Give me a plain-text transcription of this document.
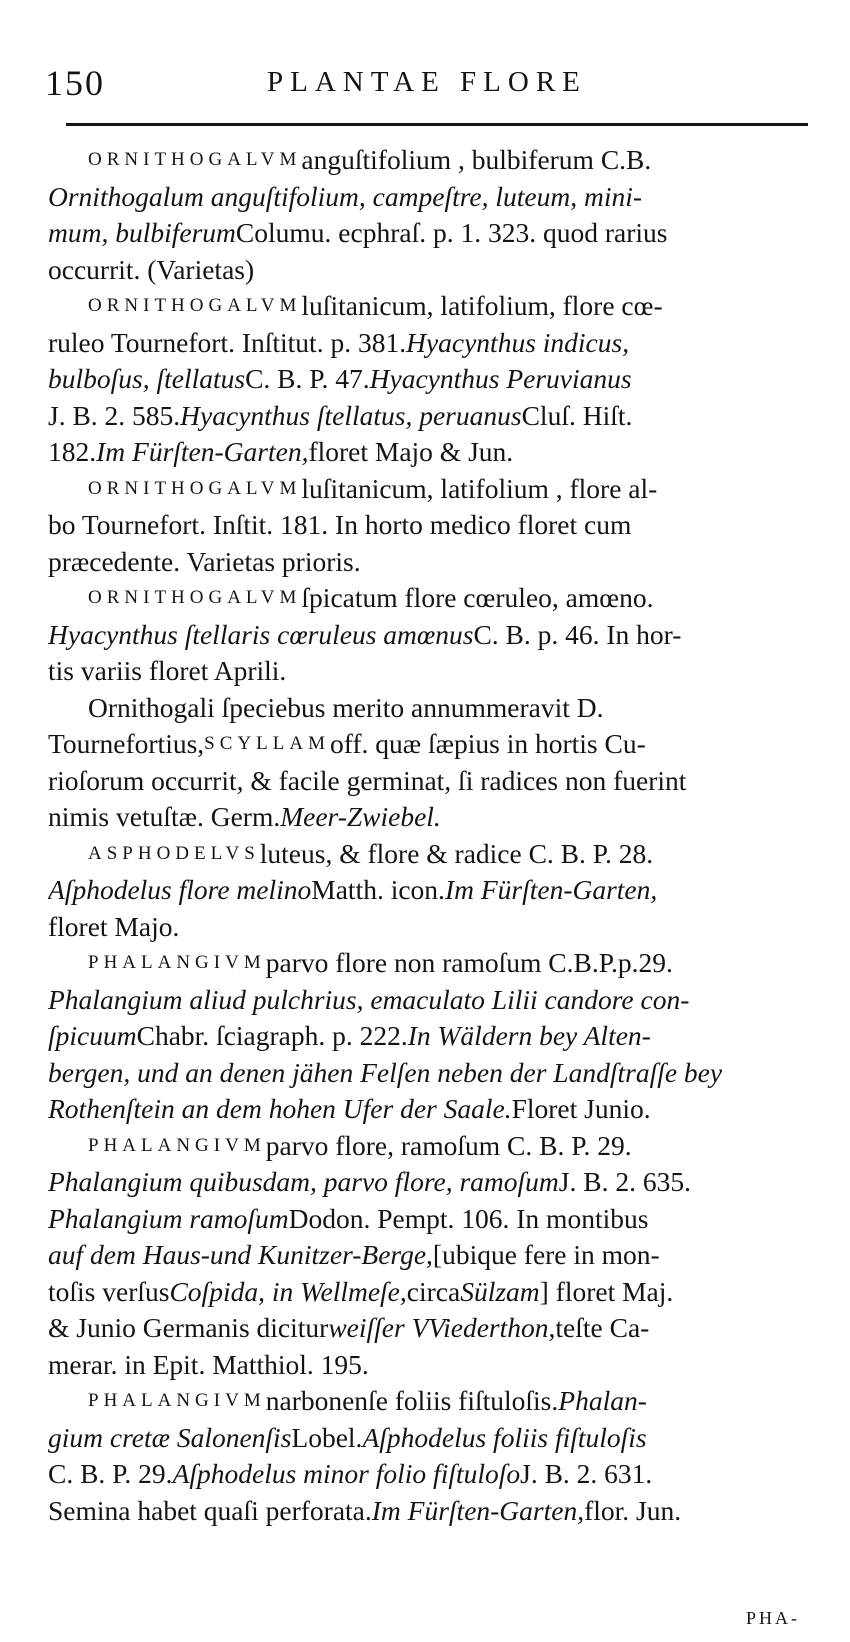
150	PLANTAE FLORE
ORNITHOGALVM anguſtifolium , bulbiferum C.B.
Ornithogalum anguſtifolium, campeſtre, luteum, mini-
mum, bulbiferum Columu. ecphraſ. p. 1. 323. quod rarius
occurrit. (Varietas)
ORNITHOGALVM luſitanicum, latifolium, flore cœ-
ruleo Tournefort. Inſtitut. p. 381. Hyacynthus indicus,
bulboſus, ſtellatus C. B. P. 47. Hyacynthus Peruvianus
J. B. 2. 585. Hyacynthus ſtellatus, peruanus Cluſ. Hiſt.
182. Im Fürſten-Garten, floret Majo & Jun.
ORNITHOGALVM luſitanicum, latifolium , flore al-
bo Tournefort. Inſtit. 181. In horto medico floret cum
præcedente. Varietas prioris.
ORNITHOGALVM ſpicatum flore cœruleo, amœno.
Hyacynthus ſtellaris cœruleus amœnus C. B. p. 46. In hor-
tis variis floret Aprili.
Ornithogali ſpeciebus merito annummeravit D.
Tournefortius, SCYLLAM off. quæ ſæpius in hortis Cu-
rioſorum occurrit, & facile germinat, ſi radices non fuerint
nimis vetuſtæ. Germ. Meer-Zwiebel.
ASPHODELVS luteus, & flore & radice C. B. P. 28.
Aſphodelus flore melino Matth. icon. Im Fürſten-Garten,
floret Majo.
PHALANGIVM parvo flore non ramoſum C.B.P.p.29.
Phalangium aliud pulchrius, emaculato Lilii candore con-
ſpicuum Chabr. ſciagraph. p. 222. In Wäldern bey Alten-
bergen, und an denen jähen Felſen neben der Landſtraſſe bey
Rothenſtein an dem hohen Ufer der Saale. Floret Junio.
PHALANGIVM parvo flore, ramoſum C. B. P. 29.
Phalangium quibusdam, parvo flore, ramoſum J. B. 2. 635.
Phalangium ramoſum Dodon. Pempt. 106. In montibus
auf dem Haus-und Kunitzer-Berge, [ubique fere in mon-
toſis verſus Coſpida, in Wellmeſe, circa Sülzam ] floret Maj.
& Junio Germanis dicitur weiſſer VViederthon, teſte Ca-
merar. in Epit. Matthiol. 195.
PHALANGIVM narbonenſe foliis fiſtuloſis. Phalan-
gium cretæ Salonenſis Lobel. Aſphodelus foliis fiſtuloſis
C. B. P. 29. Aſphodelus minor folio fiſtuloſo J. B. 2. 631.
Semina habet quaſi perforata. Im Fürſten-Garten, flor. Jun.
PHA-
